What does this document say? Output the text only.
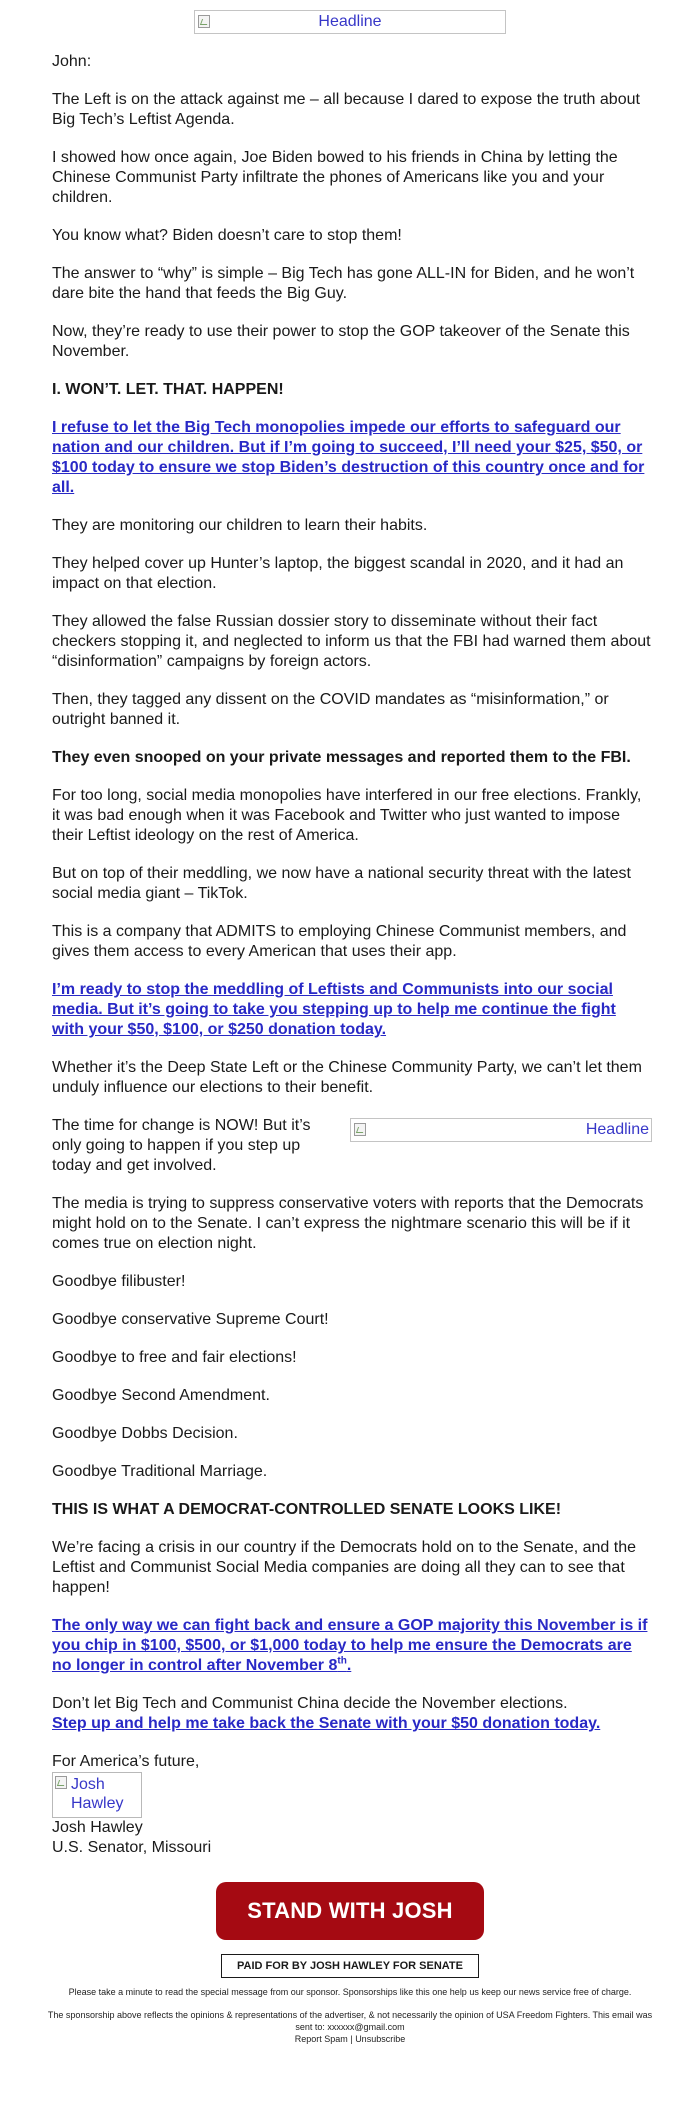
Headline

John:

The Left is on the attack against me – all because I dared to expose the truth about Big Tech’s Leftist Agenda.

I showed how once again, Joe Biden bowed to his friends in China by letting the Chinese Communist Party infiltrate the phones of Americans like you and your children.

You know what? Biden doesn’t care to stop them!

The answer to “why” is simple – Big Tech has gone ALL-IN for Biden, and he won’t dare bite the hand that feeds the Big Guy.

Now, they’re ready to use their power to stop the GOP takeover of the Senate this November.

I. WON’T. LET. THAT. HAPPEN!

I refuse to let the Big Tech monopolies impede our efforts to safeguard our nation and our children. But if I’m going to succeed, I’ll need your $25, $50, or $100 today to ensure we stop Biden’s destruction of this country once and for all.

They are monitoring our children to learn their habits.

They helped cover up Hunter’s laptop, the biggest scandal in 2020, and it had an impact on that election.

They allowed the false Russian dossier story to disseminate without their fact checkers stopping it, and neglected to inform us that the FBI had warned them about “disinformation” campaigns by foreign actors.

Then, they tagged any dissent on the COVID mandates as “misinformation,” or outright banned it.

They even snooped on your private messages and reported them to the FBI.

For too long, social media monopolies have interfered in our free elections. Frankly, it was bad enough when it was Facebook and Twitter who just wanted to impose their Leftist ideology on the rest of America.

But on top of their meddling, we now have a national security threat with the latest social media giant – TikTok.

This is a company that ADMITS to employing Chinese Communist members, and gives them access to every American that uses their app.

I’m ready to stop the meddling of Leftists and Communists into our social media. But it’s going to take you stepping up to help me continue the fight with your $50, $100, or $250 donation today.

Whether it’s the Deep State Left or the Chinese Community Party, we can’t let them unduly influence our elections to their benefit.

The time for change is NOW! But it’s only going to happen if you step up today and get involved.

Headline

The media is trying to suppress conservative voters with reports that the Democrats might hold on to the Senate. I can’t express the nightmare scenario this will be if it comes true on election night.

Goodbye filibuster!

Goodbye conservative Supreme Court!

Goodbye to free and fair elections!

Goodbye Second Amendment.

Goodbye Dobbs Decision.

Goodbye Traditional Marriage.

THIS IS WHAT A DEMOCRAT-CONTROLLED SENATE LOOKS LIKE!

We’re facing a crisis in our country if the Democrats hold on to the Senate, and the Leftist and Communist Social Media companies are doing all they can to see that happen!

The only way we can fight back and ensure a GOP majority this November is if you chip in $100, $500, or $1,000 today to help me ensure the Democrats are no longer in control after November 8th.

Don’t let Big Tech and Communist China decide the November elections.

Step up and help me take back the Senate with your $50 donation today.

For America’s future,

Josh Hawley

Josh Hawley

U.S. Senator, Missouri

STAND WITH JOSH
PAID FOR BY JOSH HAWLEY FOR SENATE
Please take a minute to read the special message from our sponsor. Sponsorships like this one help us keep our news service free of charge.
The sponsorship above reflects the opinions & representations of the advertiser, & not necessarily the opinion of USA Freedom Fighters. This email was sent to: xxxxxx@gmail.com
Report Spam | Unsubscribe
